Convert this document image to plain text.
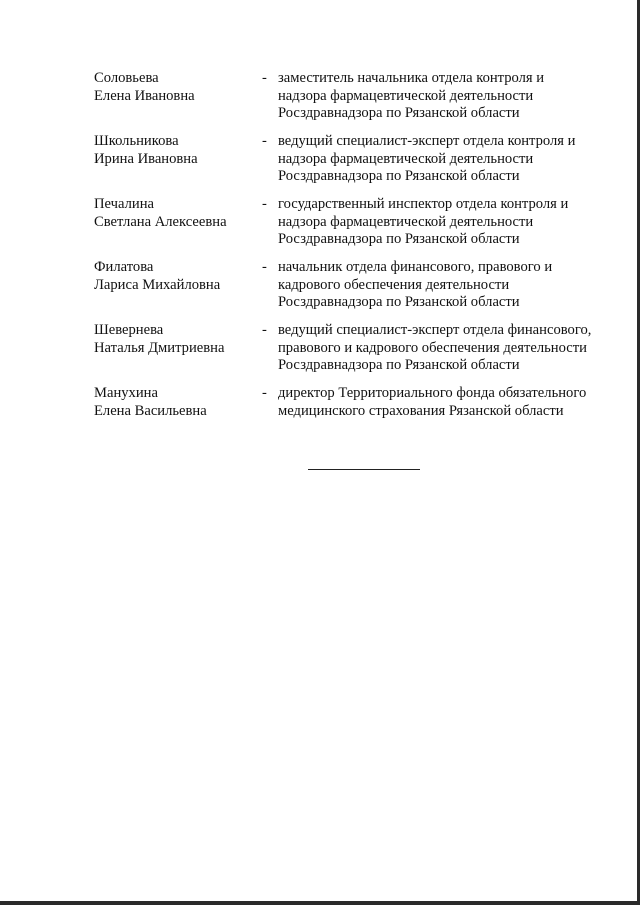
Соловьева
Елена Ивановна
- заместитель начальника отдела контроля и
надзора фармацевтической деятельности
Росздравнадзора по Рязанской области
Школьникова
Ирина Ивановна
- ведущий специалист-эксперт отдела контроля и
надзора фармацевтической деятельности
Росздравнадзора по Рязанской области
Печалина
Светлана Алексеевна
- государственный инспектор отдела контроля и
надзора фармацевтической деятельности
Росздравнадзора по Рязанской области
Филатова
Лариса Михайловна
- начальник отдела финансового, правового и
кадрового обеспечения деятельности
Росздравнадзора по Рязанской области
Шевернева
Наталья Дмитриевна
- ведущий специалист-эксперт отдела финансового,
правового и кадрового обеспечения деятельности
Росздравнадзора по Рязанской области
Манухина
Елена Васильевна
- директор Территориального фонда обязательного
медицинского страхования Рязанской области
